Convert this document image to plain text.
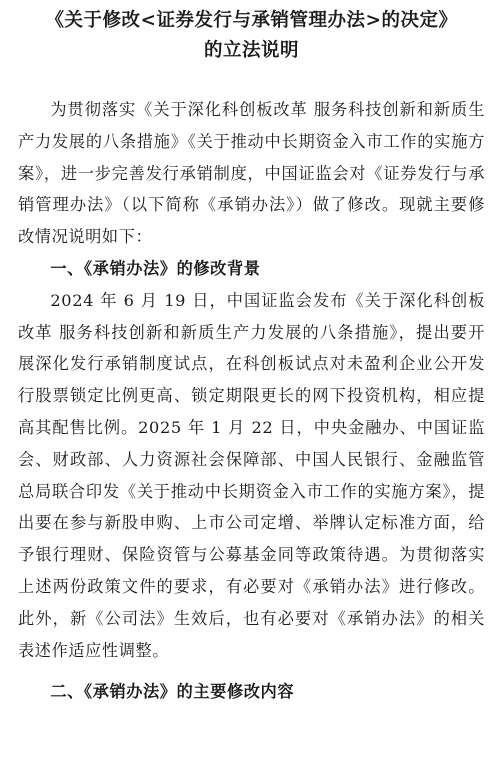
《关于修改<证券发行与承销管理办法>的决定》
的立法说明

为贯彻落实《关于深化科创板改革 服务科技创新和新质生产力发展的八条措施》《关于推动中长期资金入市工作的实施方案》，进一步完善发行承销制度，中国证监会对《证券发行与承销管理办法》（以下简称《承销办法》）做了修改。现就主要修改情况说明如下：

一、《承销办法》的修改背景

2024 年 6 月 19 日，中国证监会发布《关于深化科创板改革 服务科技创新和新质生产力发展的八条措施》，提出要开展深化发行承销制度试点，在科创板试点对未盈利企业公开发行股票锁定比例更高、锁定期限更长的网下投资机构，相应提高其配售比例。2025 年 1 月 22 日，中央金融办、中国证监会、财政部、人力资源社会保障部、中国人民银行、金融监管总局联合印发《关于推动中长期资金入市工作的实施方案》，提出要在参与新股申购、上市公司定增、举牌认定标准方面，给予银行理财、保险资管与公募基金同等政策待遇。为贯彻落实上述两份政策文件的要求，有必要对《承销办法》进行修改。此外，新《公司法》生效后，也有必要对《承销办法》的相关表述作适应性调整。

二、《承销办法》的主要修改内容
